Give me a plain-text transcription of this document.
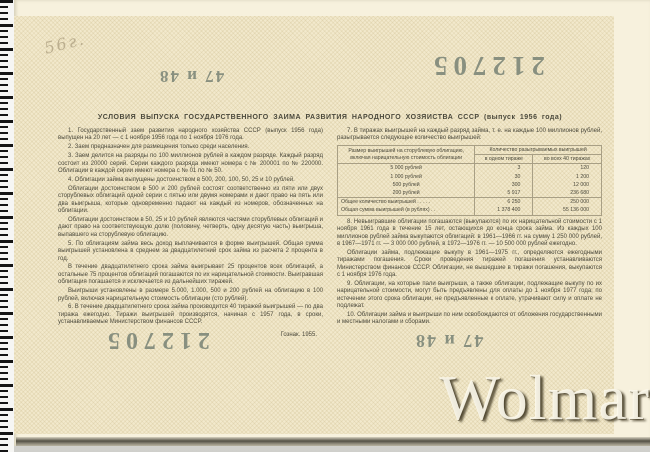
56г.
47 и 48	212705
212705	47 и 48
УСЛОВИЯ ВЫПУСКА ГОСУДАРСТВЕННОГО ЗАЙМА РАЗВИТИЯ НАРОДНОГО ХОЗЯЙСТВА СССР (выпуск 1956 года)

1. Государственный заем развития народного хозяйства СССР (выпуск 1956 года) выпущен на 20 лет — с 1 ноября 1956 года по 1 ноября 1976 года.

2. Заем предназначен для размещения только среди населения.

3. Заем делится на разряды по 100 миллионов рублей в каждом разряде. Каждый разряд состоит из 20000 серий. Серии каждого разряда имеют номера с № 200001 по № 220000. Облигации в каждой серии имеют номера с № 01 по № 50.

4. Облигации займа выпущены достоинством в 500, 200, 100, 50, 25 и 10 рублей.

Облигации достоинством в 500 и 200 рублей состоят соответственно из пяти или двух сторублевых облигаций одной серии с пятью или двумя номерами и дают право на пять или два выигрыша, которые одновременно падают на каждый из номеров, обозначенных на облигации.

Облигации достоинством в 50, 25 и 10 рублей являются частями сторублевых облигаций и дают право на соответствующую долю (половину, четверть, одну десятую часть) выигрыша, выпавшего на сторублевую облигацию.

5. По облигациям займа весь доход выплачивается в форме выигрышей. Общая сумма выигрышей установлена в среднем за двадцатилетний срок займа из расчета 2 процента в год.

В течение двадцатилетнего срока займа выигрывает 25 процентов всех облигаций, а остальные 75 процентов облигаций погашаются по их нарицательной стоимости. Выигравшая облигация погашается и исключается из дальнейших тиражей.

Выигрыши установлены в размере 5.000, 1.000, 500 и 200 рублей на облигацию в 100 рублей, включая нарицательную стоимость облигации (сто рублей).

6. В течение двадцатилетнего срока займа производится 40 тиражей выигрышей — по два тиража ежегодно. Тиражи выигрышей производятся, начиная с 1957 года, в сроки, устанавливаемые Министерством финансов СССР.

Гознак. 1955.

7. В тиражах выигрышей на каждый разряд займа, т. е. на каждые 100 миллионов рублей, разыгрывается следующее количество выигрышей:

Размер выигрышей на сторублевую облигацию, включая нарицательную стоимость облигации	Количество разыгрываемых выигрышей	
	в одном тираже	во всех 40 тиражах
5 000 рублей	3	120
1 000 рублей	30	1 200
500 рублей	300	12 000
200 рублей	5 917	236 680
Общее количество выигрышей . . . . .	6 250	250 000
Общая сумма выигрышей (в рублях) . .	1 378 400	55 136 000

8. Невыигравшие облигации погашаются (выкупаются) по их нарицательной стоимости с 1 ноября 1961 года в течение 15 лет, остающихся до конца срока займа. Из каждых 100 миллионов рублей займа выкупаются облигаций: в 1961—1966 гг. на сумму 1 250 000 рублей, в 1967—1971 гг. — 3 000 000 рублей, в 1972—1976 гг. — 10 500 000 рублей ежегодно.

Облигации займа, подлежащие выкупу в 1961—1975 гг., определяются ежегодными тиражами погашения. Сроки проведения тиражей погашения устанавливаются Министерством финансов СССР. Облигации, не вышедшие в тиражи погашения, выкупаются с 1 ноября 1976 года.

9. Облигации, на которые пали выигрыши, а также облигации, подлежащие выкупу по их нарицательной стоимости, могут быть предъявлены для оплаты до 1 ноября 1977 года; по истечении этого срока облигации, не предъявленные к оплате, утрачивают силу и оплате не подлежат.

10. Облигации займа и выигрыши по ним освобождаются от обложения государственными и местными налогами и сборами.

Wolmar
